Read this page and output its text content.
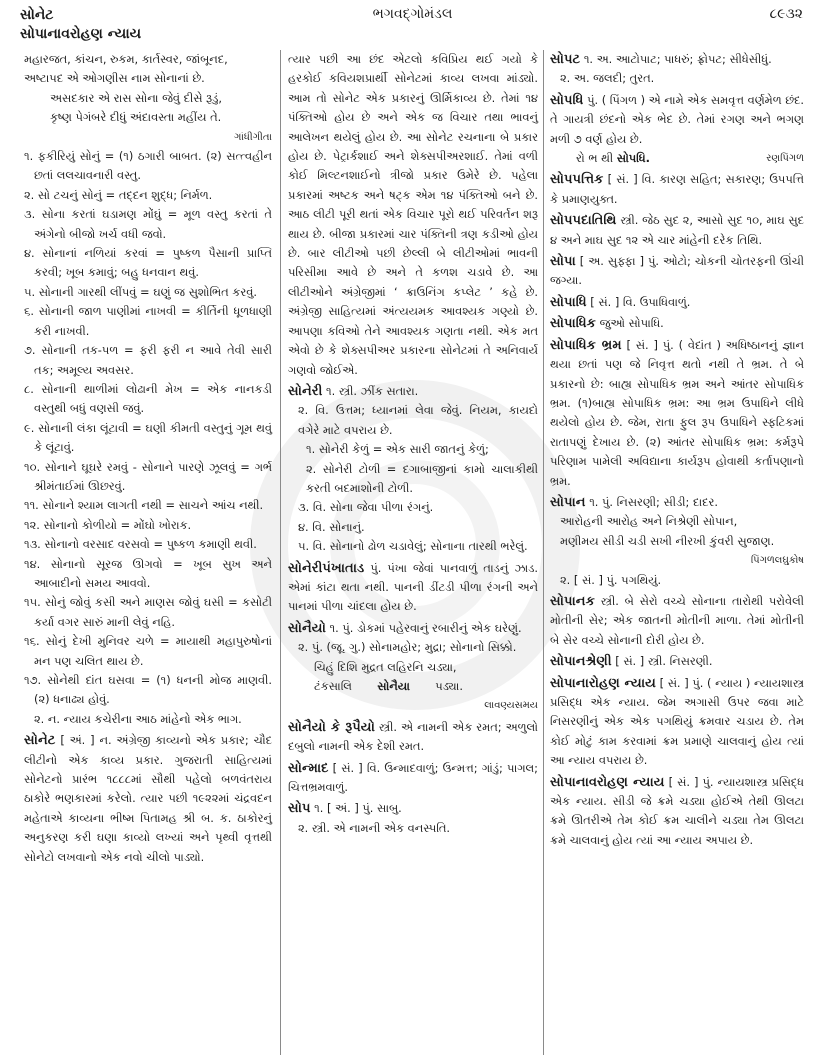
સોનેટ
સોપાનાવરોહણ ન્યાય
ભગવદ્ગોમંડલ	૮૯૩૨

મહારજત, કાંચન, રુકમ, કાર્તસ્વર, જાંબૂનદ,

અષ્ટાપદ એ ઓગણીસ નામ સોનાનાં છે.

અસદકાર એ રાસ સોના જેવું દીસે રૂડું,

કૃષ્ણ પેગંબરે દીધું અંદાવસ્તા મહીંય તે.

ગાંધીગીતા

૧. ફકીરિયું સોનું = (૧) ઠગારી બાબત. (૨) સત્ત્વહીન છતાં લલચાવનારી વસ્તુ.

૨. સો ટચનું સોનું = તદ્દન શુદ્ધ; નિર્મળ.

૩. સોના કરતાં ઘડામણ મોંઘું = મૂળ વસ્તુ કરતાં તે અંગેનો બીજો ખર્ચ વધી જવો.

૪. સોનાનાં નળિયાં કરવાં = પુષ્કળ પૈસાની પ્રાપ્તિ કરવી; ખૂબ કમાવું; બહુ ધનવાન થવું.

૫. સોનાની ગારથી લીંપવું = ઘણું જ સુશોભિત કરવું.

૬. સોનાની જાળ પાણીમાં નાખવી = કીર્તિની ધૂળધાણી કરી નાખવી.

૭. સોનાની તક-પળ = ફરી ફરી ન આવે તેવી સારી તક; અમૂલ્ય અવસર.

૮. સોનાની થાળીમાં લોઢાની મેખ = એક નાનકડી વસ્તુથી બધું વણસી જવું.

૯. સોનાની લંકા લૂંટાવી = ઘણી કીમતી વસ્તુનું ગૂમ થવું કે લૂંટાવું.

૧૦. સોનાને ઘૂઘરે રમવું - સોનાને પારણે ઝૂલવું = ગર્ભ શ્રીમંતાઈમાં ઊછરવું.

૧૧. સોનાને શ્યામ લાગતી નથી = સાચને આંચ નથી.

૧૨. સોનાનો કોળીયો = મોંઘો ખોરાક.

૧૩. સોનાનો વરસાદ વરસવો = પુષ્કળ કમાણી થવી.

૧૪. સોનાનો સૂરજ ઊગવો = ખૂબ સુખ અને આબાદીનો સમય આવવો.

૧૫. સોનું જોવું કસી અને માણસ જોવું ઘસી = કસોટી કર્યા વગર સારું માની લેવું નહિ.

૧૬. સોનું દેખી મુનિવર ચળે = માયાથી મહાપુરુષોનાં મન પણ ચલિત થાય છે.

૧૭. સોનેથી દાંત ઘસવા = (૧) ધનની મોજ માણવી. (૨) ધનાઢ્ય હોવું.

૨. ન. ન્યાય કચેરીના આઠ માંહેનો એક ભાગ.

સોનેટ [ અં. ] ન. અંગ્રેજી કાવ્યનો એક પ્રકાર; ચૌદ લીટીનો એક કાવ્ય પ્રકાર. ગુજરાતી સાહિત્યમાં સોનેટનો પ્રારંભ ૧૮૮૮માં સૌથી પહેલો બળવંતરાય ઠાકોરે ભણકારમાં કરેલો. ત્યાર પછી ૧૯૨૨માં ચંદ્રવદન મહેતાએ કાવ્યના ભીષ્મ પિતામહ શ્રી બ. ક. ઠાકોરનું અનુકરણ કરી ઘણા કાવ્યો લખ્યાં અને પૃથ્વી વૃત્તથી સોનેટો લખવાનો એક નવો ચીલો પાડ્યો.

ત્યાર પછી આ છંદ એટલો કવિપ્રિય થઈ ગયો કે હરકોઈ કવિયશપ્રાર્થી સોનેટમાં કાવ્ય લખવા માંડ્યો. આમ તો સોનેટ એક પ્રકારનું ઊર્મિકાવ્ય છે. તેમાં ૧૪ પંક્તિઓ હોય છે અને એક જ વિચાર તથા ભાવનું આલેખન થયેલું હોય છે. આ સોનેટ રચનાના બે પ્રકાર હોય છે. પેટ્રાર્કશાઈ અને શેક્સપીઅરશાઈ. તેમાં વળી કોઈ મિલ્ટનશાઈનો ત્રીજો પ્રકાર ઉમેરે છે. પહેલા પ્રકારમાં અષ્ટક અને ષટ્ક એમ ૧૪ પંક્તિઓ બને છે. આઠ લીટી પૂરી થતાં એક વિચાર પૂરો થઈ પરિવર્તન શરૂ થાય છે. બીજા પ્રકારમાં ચાર પંક્તિની ત્રણ કડીઓ હોય છે. બાર લીટીઓ પછી છેલ્લી બે લીટીઓમાં ભાવની પરિસીમા આવે છે અને તે કળશ ચડાવે છે. આ લીટીઓને અંગ્રેજીમાં ‘ ક્રાઉનિંગ કપ્લેટ ’ કહે છે. અંગ્રેજી સાહિત્યમાં અંત્યયમક આવશ્યક ગણ્યો છે. આપણા કવિઓ તેને આવશ્યક ગણતા નથી. એક મત એવો છે કે શેક્સપીઅર પ્રકારના સોનેટમાં તે અનિવાર્ય ગણવો જોઈએ.

સોનેરી ૧. સ્ત્રી. ઝીંક સતારા.

૨. વિ. ઉત્તમ; ધ્યાનમાં લેવા જેવું. નિયમ, કાયદો વગેરે માટે વપરાય છે.

૧. સોનેરી કેળું = એક સારી જાતનું કેળું;

૨. સોનેરી ટોળી = દગાબાજીનાં કામો ચાલાકીથી કરતી બદમાશોની ટોળી.

૩. વિ. સોના જેવા પીળા રંગનું.

૪. વિ. સોનાનું.

૫. વિ. સોનાનો ઢોળ ચડાવેલું; સોનાના તારથી ભરેલું.

સોનેરીપંખાતાડ પું. પંખા જેવાં પાનવાળું તાડનું ઝાડ. એમાં કાંટા થતા નથી. પાનની ડીંટડી પીળા રંગની અને પાનમાં પીળા ચાંદલા હોય છે.

સોનૈયો ૧. પું. ડોકમાં પહેરવાનું રબારીનું એક ઘરેણું.

૨. પું. (જૂ. ગુ.) સોનામહોર; મુદ્રા; સોનાનો સિક્કો.

ચિહું દિશિ મુદ્રત લહિરનિ ચડ્યા,

ટંકસાલિ સોનૈયા પડ્યા.

લાવણ્યસમય

સોનૈયો કે રૂપૈયો સ્ત્રી. એ નામની એક રમત; અળુલો દબુલો નામની એક દેશી રમત.

સોન્માદ [ સં. ] વિ. ઉન્માદવાળું; ઉન્મત્ત; ગાંડું; પાગલ; ચિત્તભ્રમવાળું.

સોપ ૧. [ અં. ] પું. સાબુ.

૨. સ્ત્રી. એ નામની એક વનસ્પતિ.

સોપટ ૧. અ. આટોપાટ; પાધરું; ફ્રોપટ; સીધેસીધું.

૨. અ. જલદી; તુરત.

સોપધિ પું. ( પિંગળ ) એ નામે એક સમવૃત્ત વર્ણમેળ છંદ. તે ગાયત્રી છંદનો એક ભેદ છે. તેમાં રગણ અને ભગણ મળી ૭ વર્ણ હોય છે.

રો ભ થી સોપધિ.	રણપિંગળ

સોપપત્તિક [ સં. ] વિ. કારણ સહિત; સકારણ; ઉપપત્તિ કે પ્રમાણયુક્ત.

સોપપદાતિથિ સ્ત્રી. જેઠ સુદ ૨, આસો સુદ ૧૦, માઘ સુદ ૪ અને માઘ સુદ ૧૨ એ ચાર માંહેની દરેક તિથિ.

સોપા [ અ. સુફ્ફા ] પું. ઓટો; ચોકની ચોતરફની ઊંચી જગ્યા.

સોપાધિ [ સં. ] વિ. ઉપાધિવાળું.

સોપાધિક જુઓ સોપાધિ.

સોપાધિક ભ્રમ [ સં. ] પું. ( વેદાંત ) અધિષ્ઠાનનું જ્ઞાન થયા છતાં પણ જે નિવૃત્ત થતો નથી તે ભ્રમ. તે બે પ્રકારનો છે: બાહ્ય સોપાધિક ભ્રમ અને આંતર સોપાધિક ભ્રમ. (૧)બાહ્ય સોપાધિક ભ્રમ: આ ભ્રમ ઉપાધિને લીધે થયેલો હોય છે. જેમ, રાતા ફુલ રૂપ ઉપાધિને સ્ફટિકમાં રાતાપણું દેખાય છે. (૨) આંતર સોપાધિક ભ્રમ: કર્મરૂપે પરિણામ પામેલી અવિદ્યાના કાર્યરૂપ હોવાથી કર્તાપણાનો ભ્રમ.

સોપાન ૧. પું. નિસરણી; સીડી; દાદર.

આરોહની આરોહ અને નિશ્રેણી સોપાન,

મણીમય સીડી ચડી સખી નીરખી કુંવરી સુજાણ.

પિંગળલઘુકોષ

૨. [ સં. ] પું. પગથિયું.

સોપાનક સ્ત્રી. બે સેરો વચ્ચે સોનાના તારોથી પરોવેલી મોતીની સેર; એક જાતની મોતીની માળા. તેમાં મોતીની બે સેર વચ્ચે સોનાની દોરી હોય છે.

સોપાનશ્રેણી [ સં. ] સ્ત્રી. નિસરણી.

સોપાનારોહણ ન્યાય [ સં. ] પું. ( ન્યાય ) ન્યાયશાસ્ત્ર પ્રસિદ્ધ એક ન્યાય. જેમ અગાસી ઉપર જવા માટે નિસરણીનું એક એક પગથિયું ક્રમવાર ચડાય છે. તેમ કોઈ મોટું કામ કરવામાં ક્રમ પ્રમાણે ચાલવાનું હોય ત્યાં આ ન્યાય વપરાય છે.

સોપાનાવરોહણ ન્યાય [ સં. ] પું. ન્યાયશાસ્ત્ર પ્રસિદ્ધ એક ન્યાય. સીડી જે ક્રમે ચડ્યા હોઈએ તેથી ઊલટા ક્રમે ઊતરીએ તેમ કોઈ ક્રમ ચાલીને ચડ્યા તેમ ઊલટા ક્રમે ચાલવાનું હોય ત્યાં આ ન્યાય અપાય છે.
